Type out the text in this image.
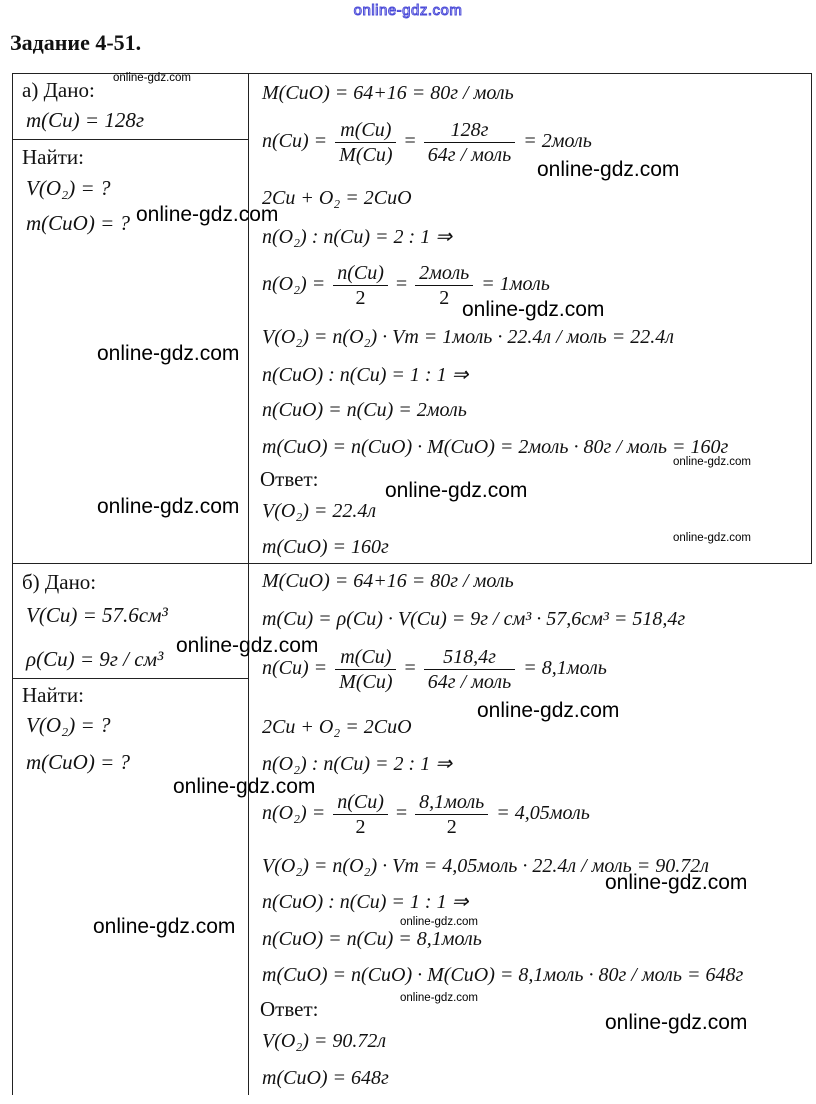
online-gdz.com
Задание 4-51.
а) Дано:
m(Cu) = 128г
Найти:
V(O₂) = ?
m(CuO) = ?
M(CuO) = 64+16 = 80г / моль
$n(Cu) = \frac{m(Cu)}{M(Cu)} = \frac{128г}{\text{64г / моль}}$ = 2моль
2Cu + O₂ = 2CuO
n(O₂) : n(Cu) = 2 : 1 ⇒
$n(O_2) = \frac{n(Cu)}{2} = \frac{\text{2моль}}{2}$ = 1моль
V(O₂) = n(O₂) · Vm = 1моль · 22.4л / моль = 22.4л
n(CuO) : n(Cu) = 1 : 1 ⇒
n(CuO) = n(Cu) = 2моль
m(CuO) = n(CuO) · M(CuO) = 2моль · 80г / моль = 160г
Ответ:
V(O₂) = 22.4л
m(CuO) = 160г
б) Дано:
V(Cu) = 57.6см³
ρ(Cu) = 9г / см³
Найти:
V(O₂) = ?
m(CuO) = ?
M(CuO) = 64+16 = 80г / моль
m(Cu) = ρ(Cu) · V(Cu) = 9г / см³ · 57,6см³ = 518,4г
$n(Cu) = \frac{m(Cu)}{M(Cu)} = \frac{518,4г}{\text{64г / моль}}$ = 8,1моль
2Cu + O₂ = 2CuO
n(O₂) : n(Cu) = 2 : 1 ⇒
$n(O_2) = \frac{n(Cu)}{2} = \frac{\text{8,1моль}}{2}$ = 4,05моль
V(O₂) = n(O₂) · Vm = 4,05моль · 22.4л / моль = 90.72л
n(CuO) : n(Cu) = 1 : 1 ⇒
n(CuO) = n(Cu) = 8,1моль
m(CuO) = n(CuO) · M(CuO) = 8,1моль · 80г / моль = 648г
Ответ:
V(O₂) = 90.72л
m(CuO) = 648г
online-gdz.com
online-gdz.com
online-gdz.com
online-gdz.com
online-gdz.com
online-gdz.com
online-gdz.com
online-gdz.com
online-gdz.com
online-gdz.com
online-gdz.com
online-gdz.com
online-gdz.com
online-gdz.com
online-gdz.com
online-gdz.com
online-gdz.com
